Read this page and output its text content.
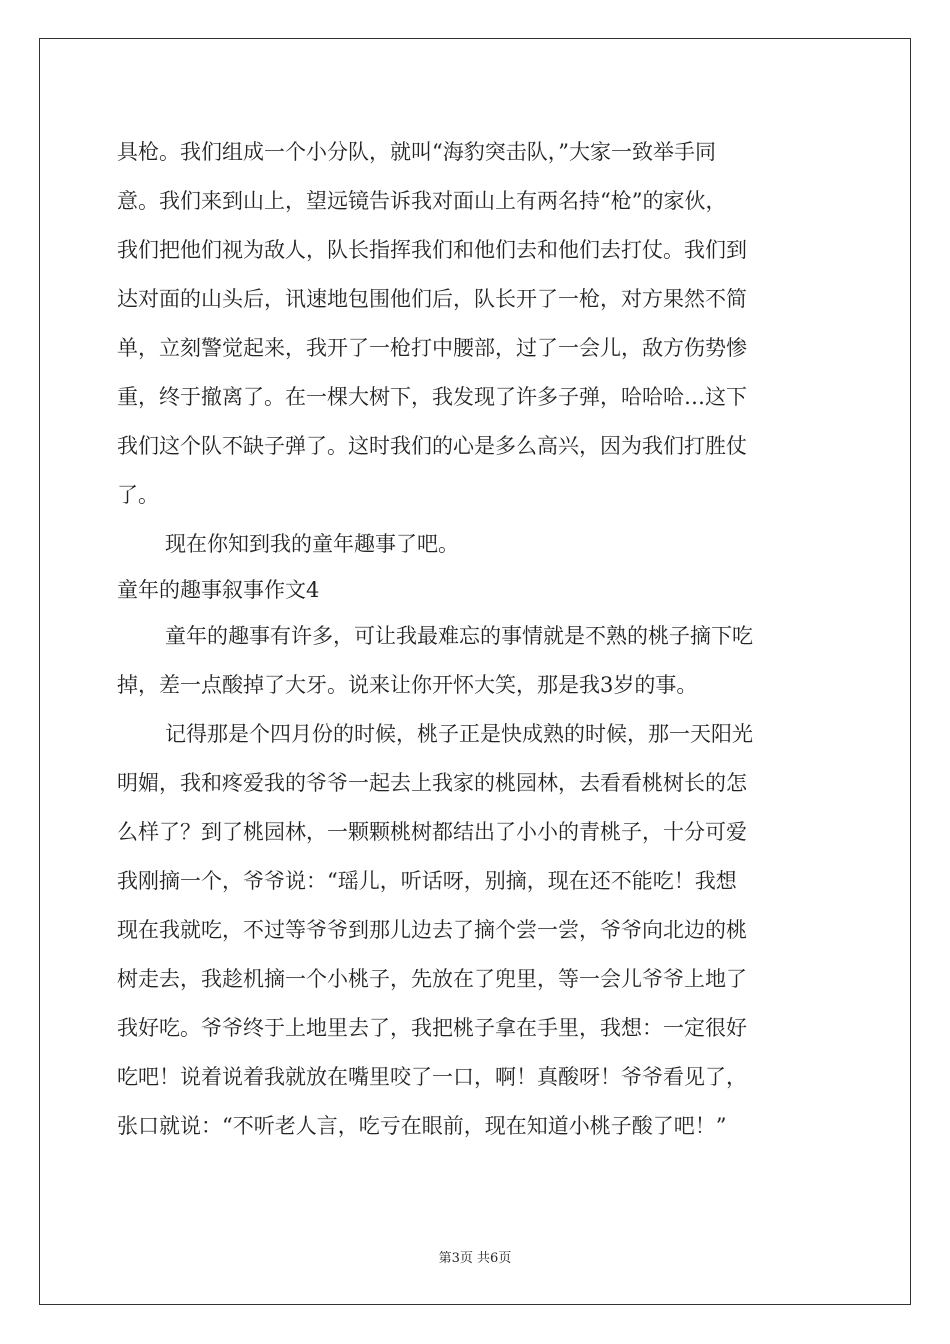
具枪。我们组成一个小分队，就叫“海豹突击队，”大家一致举手同

意。我们来到山上，望远镜告诉我对面山上有两名持“枪”的家伙，

我们把他们视为敌人，队长指挥我们和他们去和他们去打仗。我们到

达对面的山头后，讯速地包围他们后，队长开了一枪，对方果然不简

单，立刻警觉起来，我开了一枪打中腰部，过了一会儿，敌方伤势惨

重，终于撤离了。在一棵大树下，我发现了许多子弹，哈哈哈…这下

我们这个队不缺子弹了。这时我们的心是多么高兴，因为我们打胜仗

了。

现在你知到我的童年趣事了吧。

童年的趣事叙事作文4

童年的趣事有许多，可让我最难忘的事情就是不熟的桃子摘下吃

掉，差一点酸掉了大牙。说来让你开怀大笑，那是我3岁的事。

记得那是个四月份的时候，桃子正是快成熟的时候，那一天阳光

明媚，我和疼爱我的爷爷一起去上我家的桃园林，去看看桃树长的怎

么样了？到了桃园林，一颗颗桃树都结出了小小的青桃子，十分可爱

我刚摘一个，爷爷说：“瑶儿，听话呀，别摘，现在还不能吃！我想

现在我就吃，不过等爷爷到那儿边去了摘个尝一尝，爷爷向北边的桃

树走去，我趁机摘一个小桃子，先放在了兜里，等一会儿爷爷上地了

我好吃。爷爷终于上地里去了，我把桃子拿在手里，我想：一定很好

吃吧！说着说着我就放在嘴里咬了一口，啊！真酸呀！爷爷看见了，

张口就说：“不听老人言，吃亏在眼前，现在知道小桃子酸了吧！”

第3页 共6页
